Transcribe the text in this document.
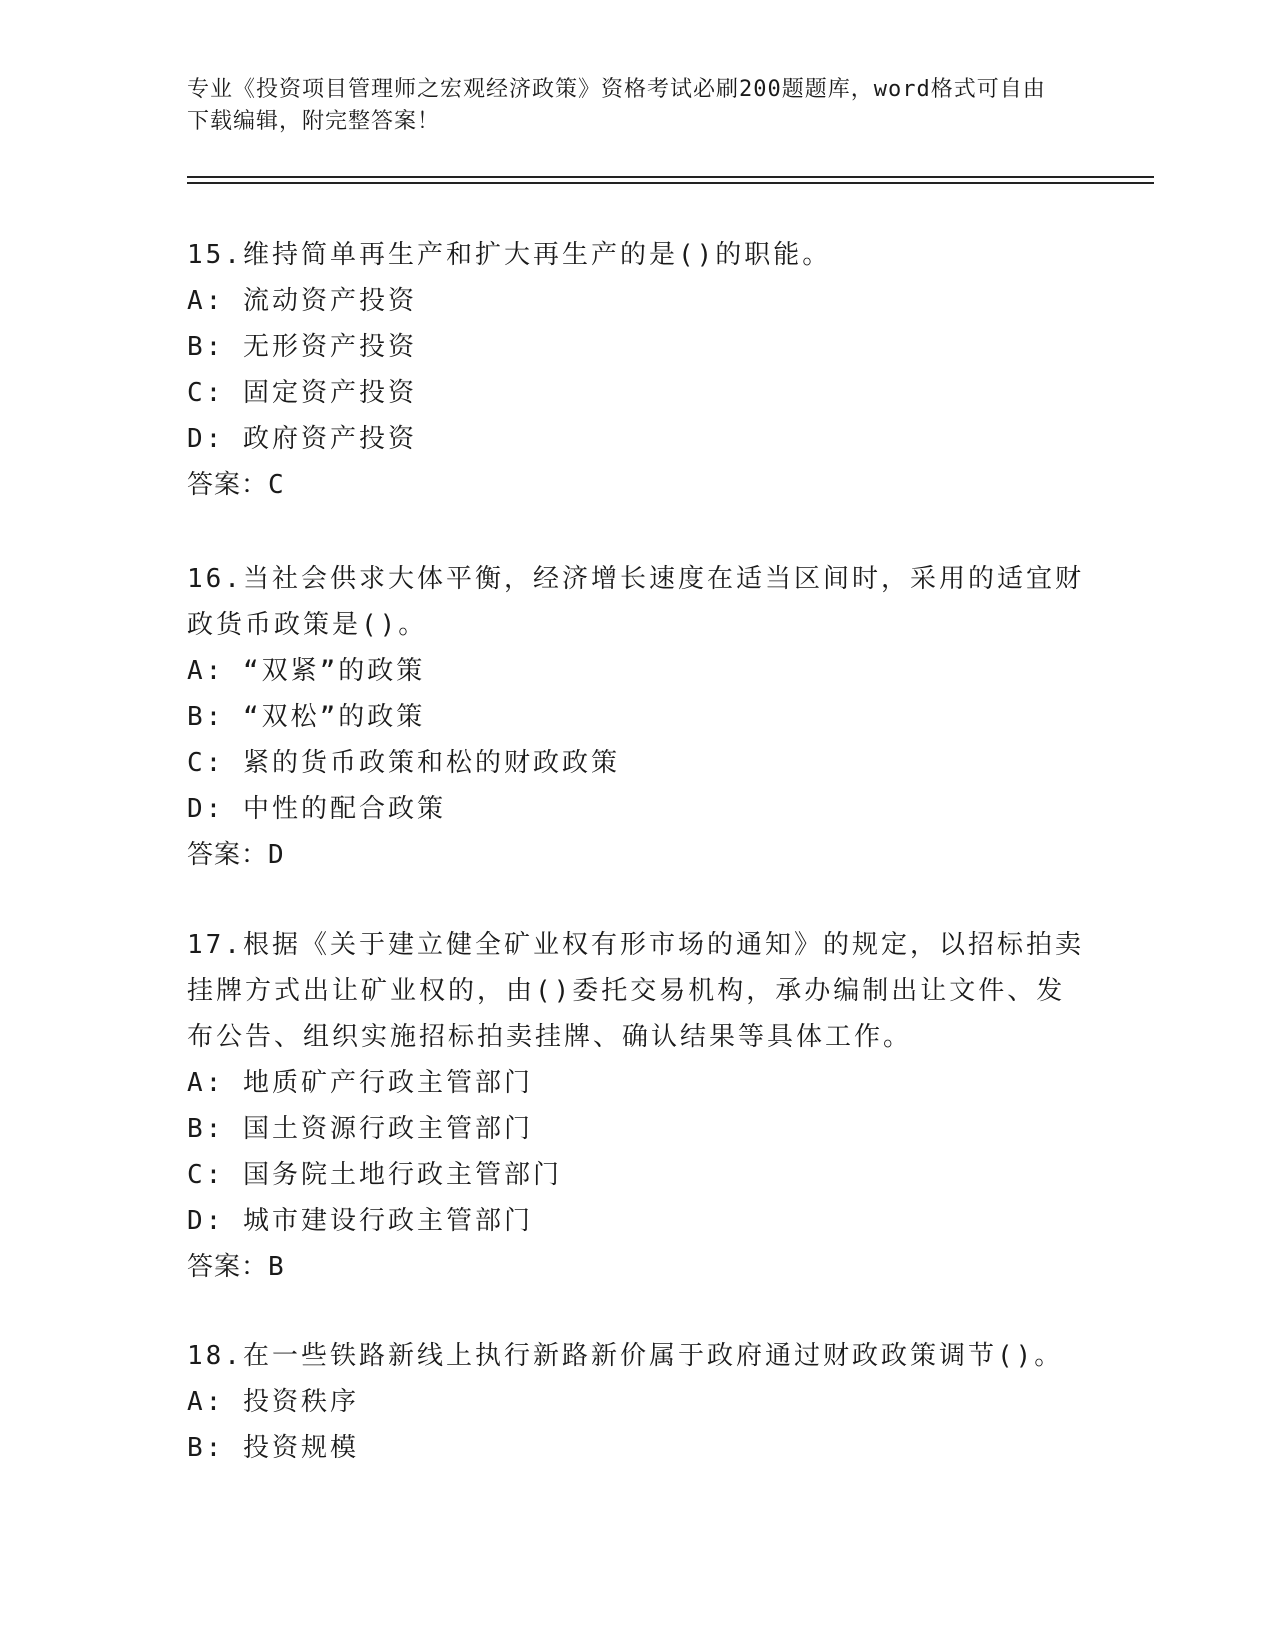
专业《投资项目管理师之宏观经济政策》资格考试必刷200题题库，word格式可自由下载编辑，附完整答案！
15.维持简单再生产和扩大再生产的是()的职能。
A: 流动资产投资
B: 无形资产投资
C: 固定资产投资
D: 政府资产投资
答案：C
16.当社会供求大体平衡，经济增长速度在适当区间时，采用的适宜财政货币政策是()。
A: “双紧”的政策
B: “双松”的政策
C: 紧的货币政策和松的财政政策
D: 中性的配合政策
答案：D
17.根据《关于建立健全矿业权有形市场的通知》的规定，以招标拍卖挂牌方式出让矿业权的，由()委托交易机构，承办编制出让文件、发布公告、组织实施招标拍卖挂牌、确认结果等具体工作。
A: 地质矿产行政主管部门
B: 国土资源行政主管部门
C: 国务院土地行政主管部门
D: 城市建设行政主管部门
答案：B
18.在一些铁路新线上执行新路新价属于政府通过财政政策调节()。
A: 投资秩序
B: 投资规模
